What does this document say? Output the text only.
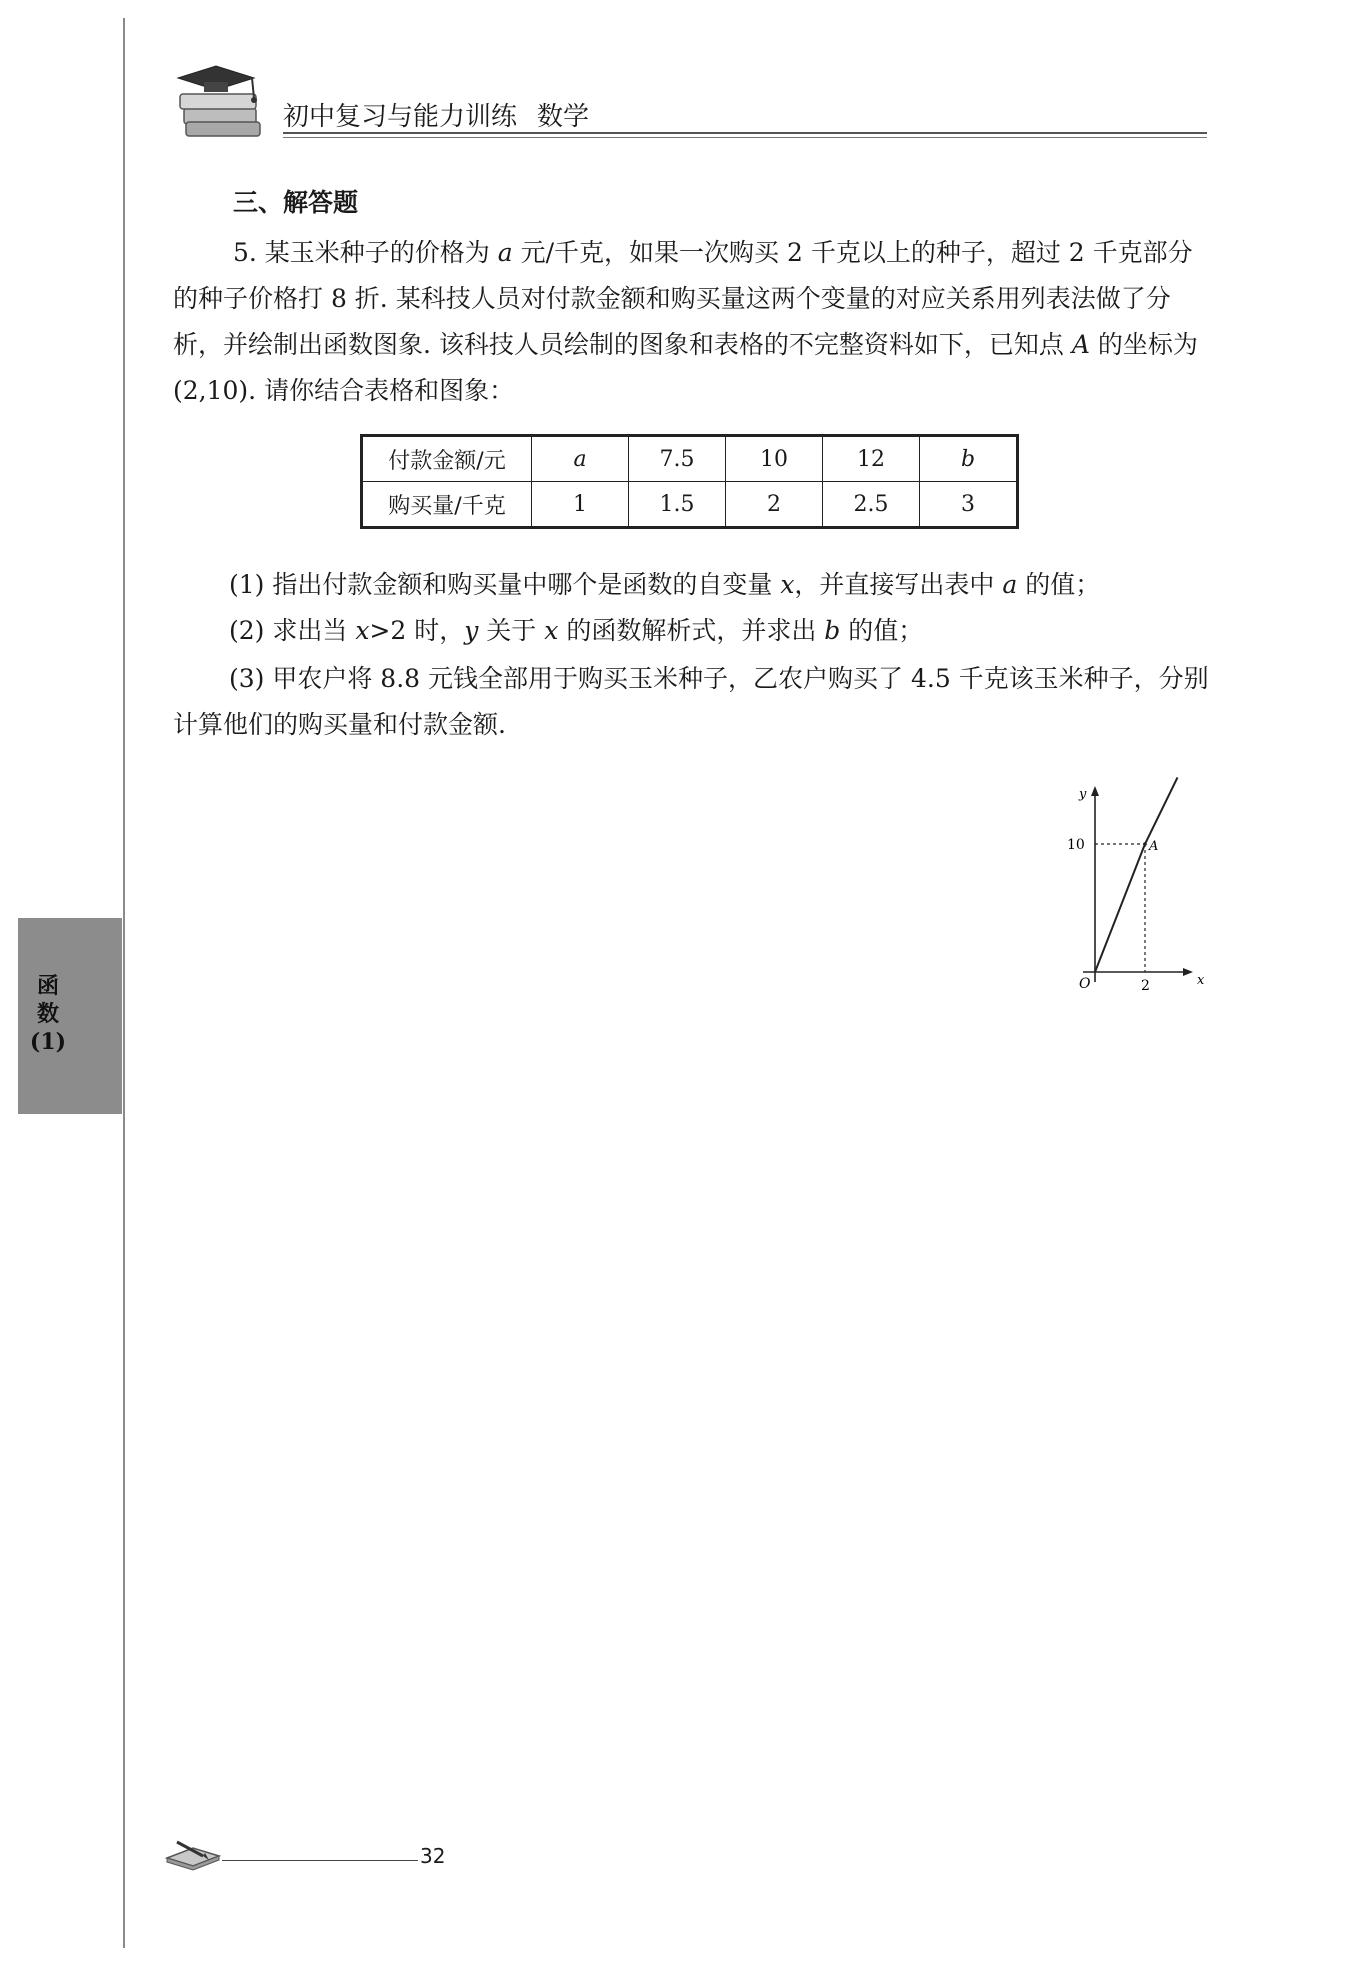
初中复习与能力训练 数学
函
数
(1)
三、解答题
5. 某玉米种子的价格为 a 元/千克，如果一次购买 2 千克以上的种子，超过 2 千克部分的种子价格打 8 折. 某科技人员对付款金额和购买量这两个变量的对应关系用列表法做了分析，并绘制出函数图象. 该科技人员绘制的图象和表格的不完整资料如下，已知点 A 的坐标为(2,10). 请你结合表格和图象：
付款金额/元	a	7.5	10	12	b
购买量/千克	1	1.5	2	2.5	3
(1) 指出付款金额和购买量中哪个是函数的自变量 x，并直接写出表中 a 的值；
(2) 求出当 x>2 时，y 关于 x 的函数解析式，并求出 b 的值；
(3) 甲农户将 8.8 元钱全部用于购买玉米种子，乙农户购买了 4.5 千克该玉米种子，分别计算他们的购买量和付款金额.
y
x
O	2
10	A
32
